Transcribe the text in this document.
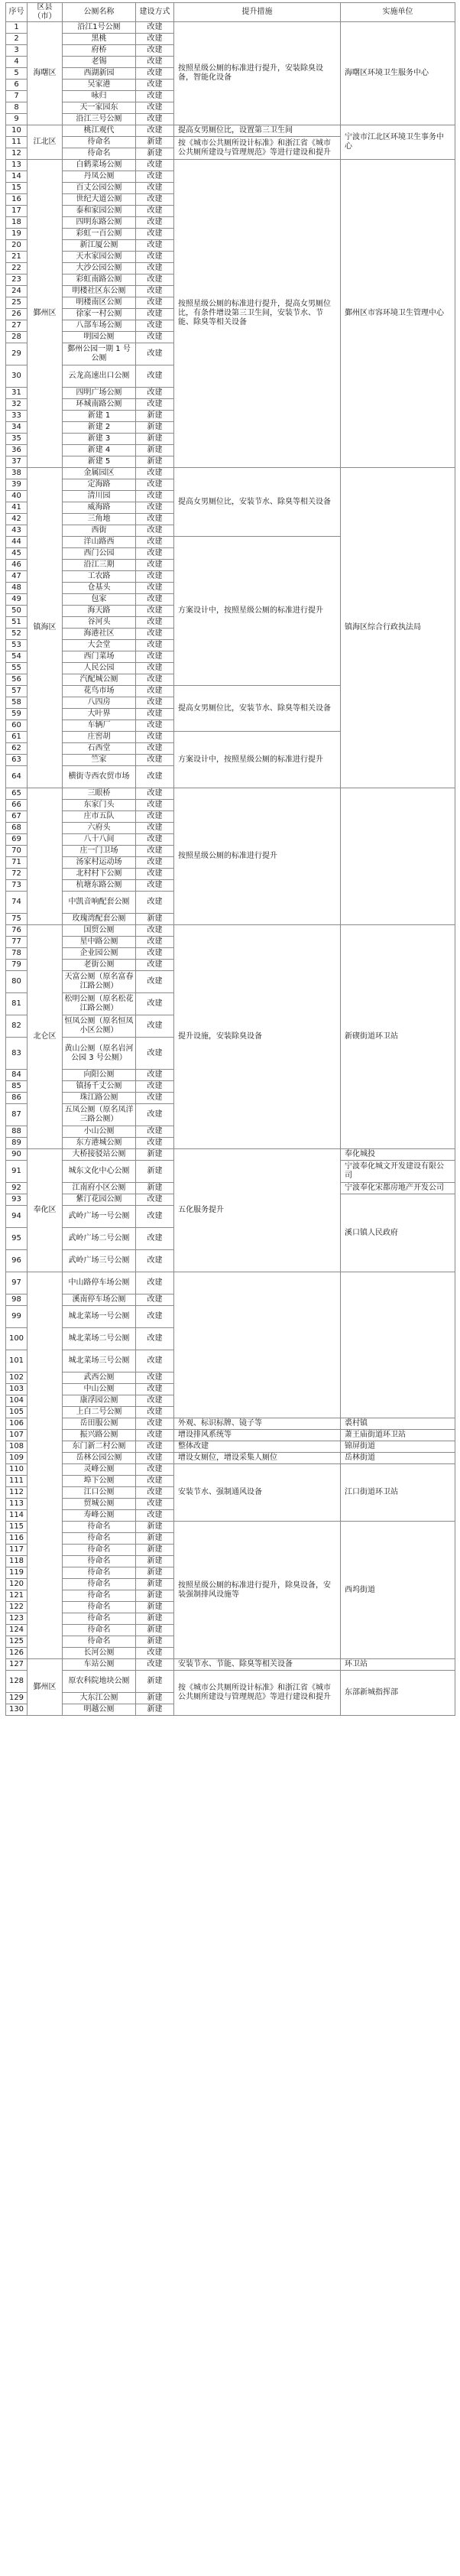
序号	区县（市）	公厕名称	建设方式	提升措施	实施单位
1	海曙区	沿江1号公厕	改建	按照星级公厕的标准进行提升，安装除臭设备，智能化设备	海曙区环境卫生服务中心
2		黑桃	改建		
3		府桥	改建		
4		老锡	改建		
5		西湖新园	改建		
6		吴家港	改建		
7		咏归	改建		
8		天一家园东	改建		
9		沿江三号公厕	改建		
10	江北区	桃江观代	改建	提高女男厕位比，设置第三卫生间	宁波市江北区环境卫生事务中心
11		待命名	新建	按《城市公共厕所设计标准》和浙江省《城市公共厕所建设与管理规范》等进行建设和提升	
12		待命名	新建		
13	鄞州区	白鹤菜场公厕	改建	按照星级公厕的标准进行提升，提高女男厕位比，有条件增设第三卫生间，安装节水、节能、除臭等相关设备	鄞州区市容环境卫生管理中心
14		丹凤公厕	改建		
15		百丈公园公厕	改建		
16		世纪大道公厕	改建		
17		泰和家园公厕	改建		
18		四明东路公厕	改建		
19		彩虹一百公厕	改建		
20		新江厦公厕	改建		
21		天水家园公厕	改建		
22		大沙公园公厕	改建		
23		彩虹南路公厕	改建		
24		明楼社区东公厕	改建		
25		明楼南区公厕	改建		
26		徐家一村公厕	改建		
27		八部车场公厕	改建		
28		明园公厕	改建		
29		鄞州公园一期 1 号公厕	改建		
30		云龙高速出口公厕	改建		
31		四明广场公厕	改建		
32		环城南路公厕	改建		
33		新建 1	新建		
34		新建 2	新建		
35		新建 3	新建		
36		新建 4	新建		
37		新建 5	新建		
38	镇海区	金属园区	改建	提高女男厕位比，安装节水、除臭等相关设备	镇海区综合行政执法局
39		定海路	改建		
40		清川园	改建		
41		威海路	改建		
42		三角地	改建		
43		西街	改建		
44		洋山路西	改建	方案设计中，按照星级公厕的标准进行提升	
45		西门公园	改建		
46		沿江三期	改建		
47		工农路	改建		
48		仓基头	改建		
49		包家	改建		
50		海天路	改建		
51		谷河头	改建		
52		海港社区	改建		
53		大会堂	改建		
54		西门菜场	改建		
55		人民公园	改建		
56		汽配城公厕	改建		
57		花鸟市场	改建	提高女男厕位比，安装节水、除臭等相关设备	
58		八四房	改建		
59		大叶界	改建		
60		车辆厂	改建		
61		庄窖胡	改建	方案设计中，按照星级公厕的标准进行提升	
62		石西堂	改建		
63		竺家	改建		
64		横街寺西农贸市场	改建		
65		三眼桥	改建	按照星级公厕的标准进行提升	
66		东家门头	改建		
67		庄市五队	改建		
68		六府头	改建		
69		八十八间	改建		
70		庄一门卫场	改建		
71		汤家村运动场	改建		
72		北村村下公厕	改建		
73		杭塘东路公厕	改建		
74		中凯音响配套公厕	改建		
75		玫瑰湾配套公厕	新建		
76	北仑区	国贸公厕	改建	提升设施，安装除臭设备	新碶街道环卫站
77		星中路公厕	改建		
78		企业园公厕	改建		
79		老街公厕	改建		
80		天富公厕（原名富春江路公厕）	改建		
81		松明公厕（原名松花江路公厕）	改建		
82		恒凤公厕（原名恒凤小区公厕）	改建		
83		黄山公厕（原名岩河公园 3 号公厕）	改建		
84		向阳公厕	改建		
85		镇扬千丈公厕	改建		
86		珠江路公厕	改建		
87		五凤公厕（原名凤洋三路公厕）	改建		
88		小山公厕	改建		
89		东方港城公厕	改建		
90	奉化区	大桥接驳站公厕	新建	五化服务提升	奉化城投
91		城东文化中心公厕	新建		宁波奉化城文开发建设有限公司
92		江南府小区公厕	新建		宁波奉化宋都房地产开发公司
93		紫汀花园公厕	改建		溪口镇人民政府
94		武岭广场一号公厕	改建		
95		武岭广场二号公厕	改建		
96		武岭广场三号公厕	改建		
97		中山路停车场公厕	改建		
98		溪南停车场公厕	改建		
99		城北菜场一号公厕	改建		
100		城北菜场二号公厕	改建		
101		城北菜场三号公厕	改建		
102		武西公厕	改建		
103		中山公厕	改建		
104		康浮园公厕	改建		
105		上白二号公厕	改建		
106		岳田服公厕	改建	外观、标识标牌、镜子等	裘村镇
107		振兴路公厕	改建	增设排风系统等	萧王庙街道环卫站
108		东门新二村公厕	改建	整体改建	锦屏街道
109		岳林公园公厕	改建	增设女厕位，增设采集人厕位	岳林街道
110		灵峰公厕	改建	安装节水、强制通风设备	江口街道环卫站
111		埠下公厕	改建		
112		江口公厕	改建		
113		贸城公厕	改建		
114		寿峰公厕	改建		
115		待命名	新建	按照星级公厕的标准进行提升，除臭设备，安装强制排风设施等	西坞街道
116		待命名	新建		
117		待命名	新建		
118		待命名	新建		
119		待命名	新建		
120		待命名	新建		
121		待命名	新建		
122		待命名	新建		
123		待命名	新建		
124		待命名	新建		
125		待命名	新建		
126		长河公厕	改建		
127	鄞州区	车站公厕	改建	安装节水、节能、除臭等相关设备	环卫站
128		原农科院地块公厕	新建	按《城市公共厕所设计标准》和浙江省《城市公共厕所建设与管理规范》等进行建设和提升	东部新城指挥部
129		大东江公厕	新建		
130		明越公厕	新建		
